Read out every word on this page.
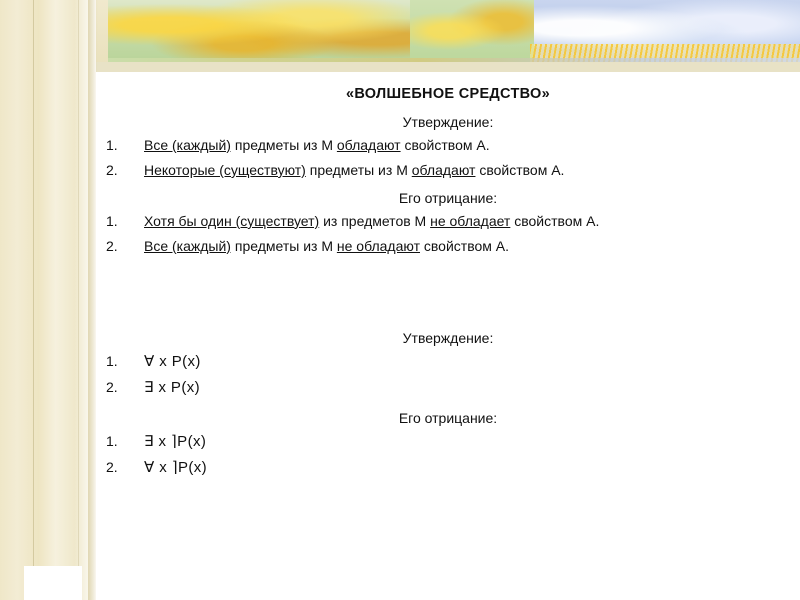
«ВОЛШЕБНОЕ СРЕДСТВО»
Утверждение:
1.	Все (каждый) предметы из М обладают свойством А.
2.	Некоторые (существуют) предметы из М обладают свойством А.
Его отрицание:
1.	Хотя бы один (существует) из предметов М не обладает свойством А.
2.	Все (каждый) предметы из М не обладают свойством А.
Утверждение:
1.	∀ x P(x)
2.	∃ x P(x)
Его отрицание:
1.	∃ x ⌉P(x)
2.	∀ x ⌉P(x)
